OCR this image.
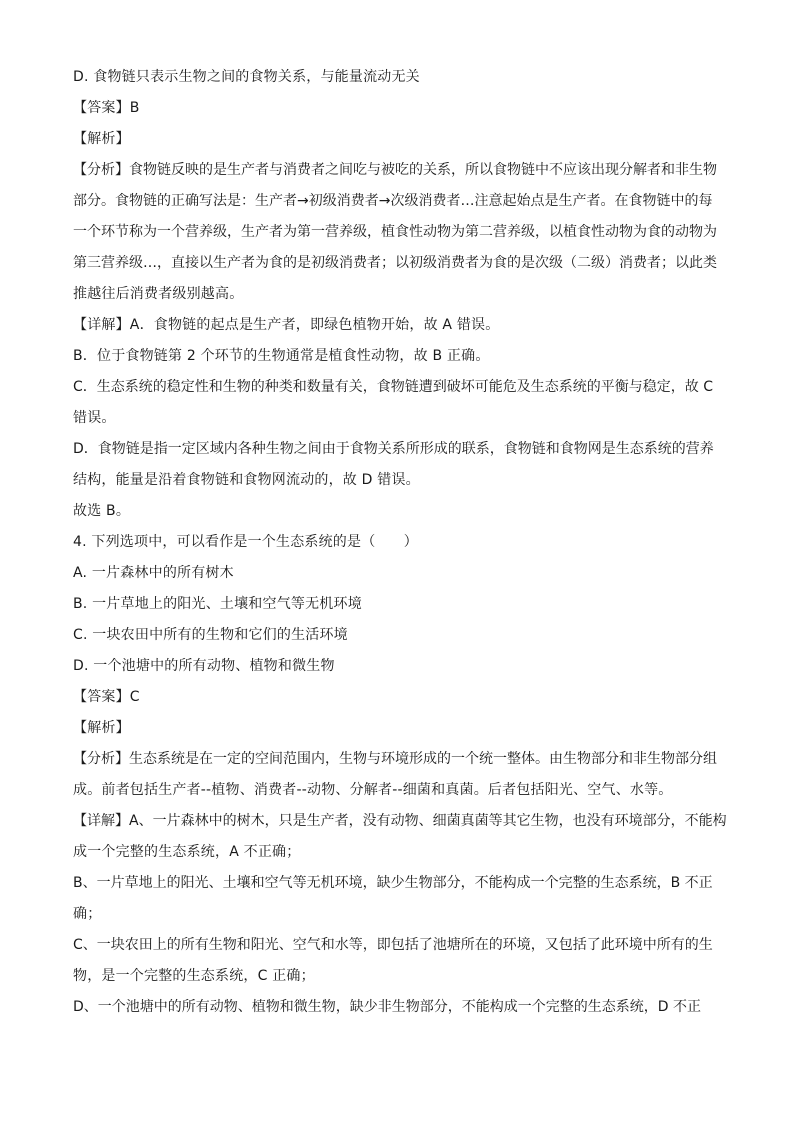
D. 食物链只表示生物之间的食物关系，与能量流动无关
【答案】B
【解析】
【分析】食物链反映的是生产者与消费者之间吃与被吃的关系，所以食物链中不应该出现分解者和非生物
部分。食物链的正确写法是：生产者→初级消费者→次级消费者…注意起始点是生产者。在食物链中的每
一个环节称为一个营养级，生产者为第一营养级，植食性动物为第二营养级，以植食性动物为食的动物为
第三营养级…，直接以生产者为食的是初级消费者；以初级消费者为食的是次级（二级）消费者；以此类
推越往后消费者级别越高。
【详解】A．食物链的起点是生产者，即绿色植物开始，故 A 错误。
B．位于食物链第 2 个环节的生物通常是植食性动物，故 B 正确。
C．生态系统的稳定性和生物的种类和数量有关，食物链遭到破坏可能危及生态系统的平衡与稳定，故 C
错误。
D．食物链是指一定区域内各种生物之间由于食物关系所形成的联系，食物链和食物网是生态系统的营养
结构，能量是沿着食物链和食物网流动的，故 D 错误。
故选 B。
4. 下列选项中，可以看作是一个生态系统的是（　　）
A. 一片森林中的所有树木
B. 一片草地上的阳光、土壤和空气等无机环境
C. 一块农田中所有的生物和它们的生活环境
D. 一个池塘中的所有动物、植物和微生物
【答案】C
【解析】
【分析】生态系统是在一定的空间范围内，生物与环境形成的一个统一整体。由生物部分和非生物部分组
成。前者包括生产者--植物、消费者--动物、分解者--细菌和真菌。后者包括阳光、空气、水等。
【详解】A、一片森林中的树木，只是生产者，没有动物、细菌真菌等其它生物，也没有环境部分，不能构
成一个完整的生态系统，A 不正确；
B、一片草地上的阳光、土壤和空气等无机环境，缺少生物部分，不能构成一个完整的生态系统，B 不正
确；
C、一块农田上的所有生物和阳光、空气和水等，即包括了池塘所在的环境，又包括了此环境中所有的生
物，是一个完整的生态系统，C 正确；
D、一个池塘中的所有动物、植物和微生物，缺少非生物部分，不能构成一个完整的生态系统，D 不正
